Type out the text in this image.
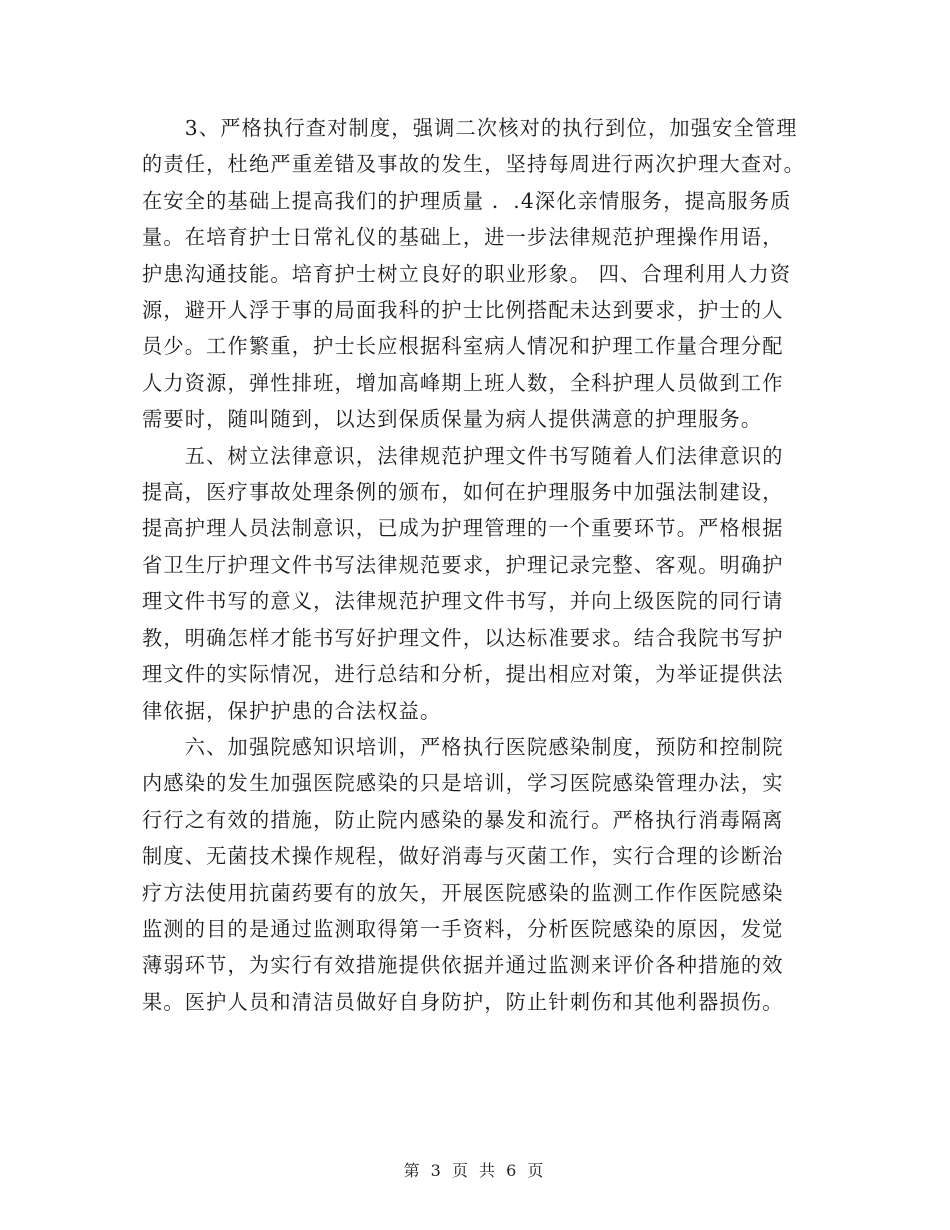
　　3、严格执行查对制度，强调二次核对的执行到位，加强安全管理
的责任，杜绝严重差错及事故的发生，坚持每周进行两次护理大查对。
在安全的基础上提高我们的护理质量 ．.4深化亲情服务，提高服务质
量。在培育护士日常礼仪的基础上，进一步法律规范护理操作用语，
护患沟通技能。培育护士树立良好的职业形象。 四、合理利用人力资
源，避开人浮于事的局面我科的护士比例搭配未达到要求，护士的人
员少。工作繁重，护士长应根据科室病人情况和护理工作量合理分配
人力资源，弹性排班，增加高峰期上班人数，全科护理人员做到工作
需要时，随叫随到，以达到保质保量为病人提供满意的护理服务。

　　五、树立法律意识，法律规范护理文件书写随着人们法律意识的
提高，医疗事故处理条例的颁布，如何在护理服务中加强法制建设，
提高护理人员法制意识，已成为护理管理的一个重要环节。严格根据
省卫生厅护理文件书写法律规范要求，护理记录完整、客观。明确护
理文件书写的意义，法律规范护理文件书写，并向上级医院的同行请
教，明确怎样才能书写好护理文件，以达标准要求。结合我院书写护
理文件的实际情况，进行总结和分析，提出相应对策，为举证提供法
律依据，保护护患的合法权益。

　　六、加强院感知识培训，严格执行医院感染制度，预防和控制院
内感染的发生加强医院感染的只是培训，学习医院感染管理办法，实
行行之有效的措施，防止院内感染的暴发和流行。严格执行消毒隔离
制度、无菌技术操作规程，做好消毒与灭菌工作，实行合理的诊断治
疗方法使用抗菌药要有的放矢，开展医院感染的监测工作作医院感染
监测的目的是通过监测取得第一手资料，分析医院感染的原因，发觉
薄弱环节，为实行有效措施提供依据并通过监测来评价各种措施的效
果。医护人员和清洁员做好自身防护，防止针刺伤和其他利器损伤。

第 3 页 共 6 页
